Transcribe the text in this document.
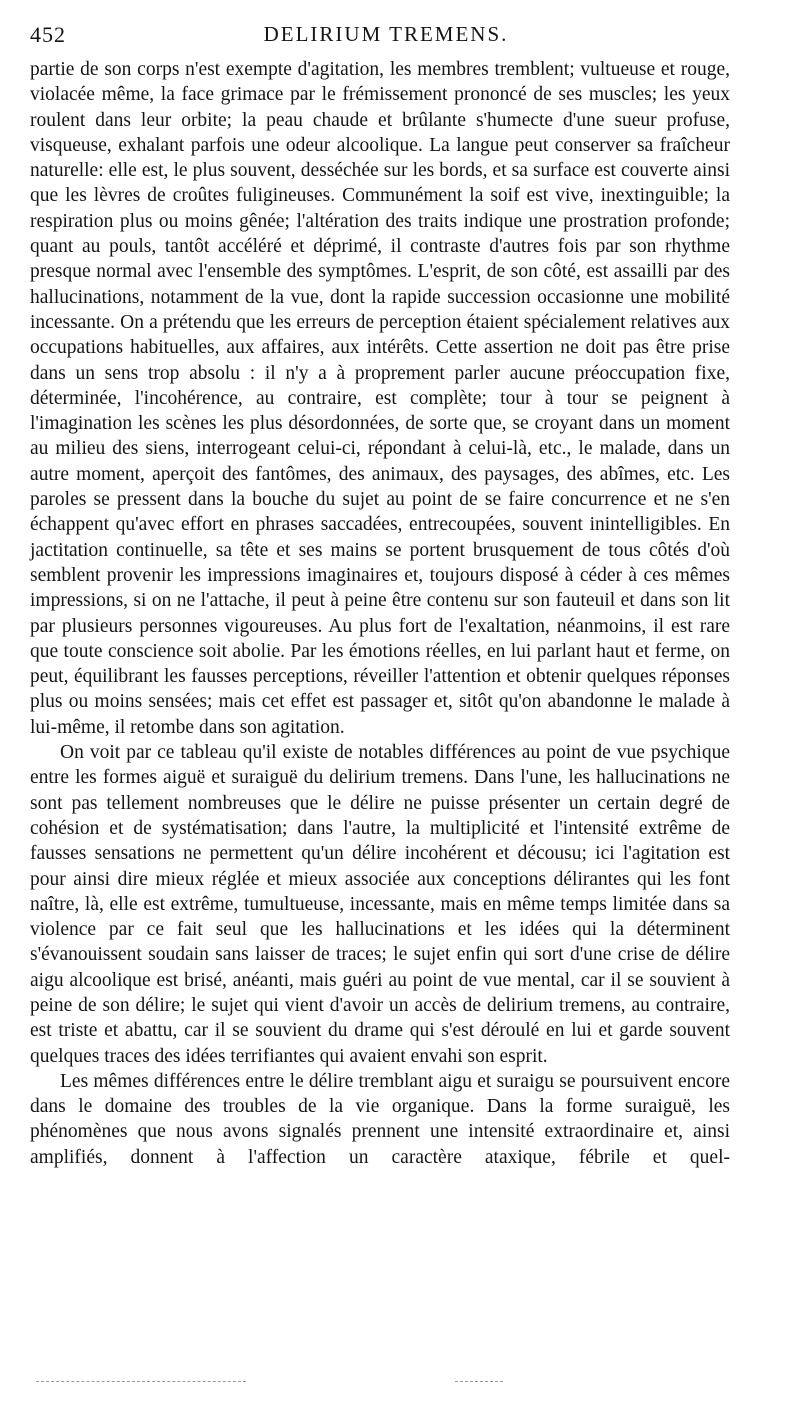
452	DELIRIUM TREMENS.

partie de son corps n'est exempte d'agitation, les membres tremblent; vultueuse et rouge, violacée même, la face grimace par le frémissement prononcé de ses muscles; les yeux roulent dans leur orbite; la peau chaude et brûlante s'humecte d'une sueur profuse, visqueuse, exhalant parfois une odeur alcoolique. La langue peut conserver sa fraîcheur naturelle: elle est, le plus souvent, desséchée sur les bords, et sa surface est couverte ainsi que les lèvres de croûtes fuligineuses. Communément la soif est vive, inextinguible; la respiration plus ou moins gênée; l'altération des traits indique une prostration profonde; quant au pouls, tantôt accéléré et déprimé, il contraste d'autres fois par son rhythme presque normal avec l'ensemble des symptômes. L'esprit, de son côté, est assailli par des hallucinations, notamment de la vue, dont la rapide succession occasionne une mobilité incessante. On a prétendu que les erreurs de perception étaient spécialement relatives aux occupations habituelles, aux affaires, aux intérêts. Cette assertion ne doit pas être prise dans un sens trop absolu : il n'y a à proprement parler aucune préoccupation fixe, déterminée, l'incohérence, au contraire, est complète; tour à tour se peignent à l'imagination les scènes les plus désordonnées, de sorte que, se croyant dans un moment au milieu des siens, interrogeant celui-ci, répondant à celui-là, etc., le malade, dans un autre moment, aperçoit des fantômes, des animaux, des paysages, des abîmes, etc. Les paroles se pressent dans la bouche du sujet au point de se faire concurrence et ne s'en échappent qu'avec effort en phrases saccadées, entrecoupées, souvent inintelligibles. En jactitation continuelle, sa tête et ses mains se portent brusquement de tous côtés d'où semblent provenir les impressions imaginaires et, toujours disposé à céder à ces mêmes impressions, si on ne l'attache, il peut à peine être contenu sur son fauteuil et dans son lit par plusieurs personnes vigoureuses. Au plus fort de l'exaltation, néanmoins, il est rare que toute conscience soit abolie. Par les émotions réelles, en lui parlant haut et ferme, on peut, équilibrant les fausses perceptions, réveiller l'attention et obtenir quelques réponses plus ou moins sensées; mais cet effet est passager et, sitôt qu'on abandonne le malade à lui-même, il retombe dans son agitation.

On voit par ce tableau qu'il existe de notables différences au point de vue psychique entre les formes aiguë et suraiguë du delirium tremens. Dans l'une, les hallucinations ne sont pas tellement nombreuses que le délire ne puisse présenter un certain degré de cohésion et de systématisation; dans l'autre, la multiplicité et l'intensité extrême de fausses sensations ne permettent qu'un délire incohérent et décousu; ici l'agitation est pour ainsi dire mieux réglée et mieux associée aux conceptions délirantes qui les font naître, là, elle est extrême, tumultueuse, incessante, mais en même temps limitée dans sa violence par ce fait seul que les hallucinations et les idées qui la déterminent s'évanouissent soudain sans laisser de traces; le sujet enfin qui sort d'une crise de délire aigu alcoolique est brisé, anéanti, mais guéri au point de vue mental, car il se souvient à peine de son délire; le sujet qui vient d'avoir un accès de delirium tremens, au contraire, est triste et abattu, car il se souvient du drame qui s'est déroulé en lui et garde souvent quelques traces des idées terrifiantes qui avaient envahi son esprit.

Les mêmes différences entre le délire tremblant aigu et suraigu se poursuivent encore dans le domaine des troubles de la vie organique. Dans la forme suraiguë, les phénomènes que nous avons signalés prennent une intensité extraordinaire et, ainsi amplifiés, donnent à l'affection un caractère ataxique, fébrile et quel-
